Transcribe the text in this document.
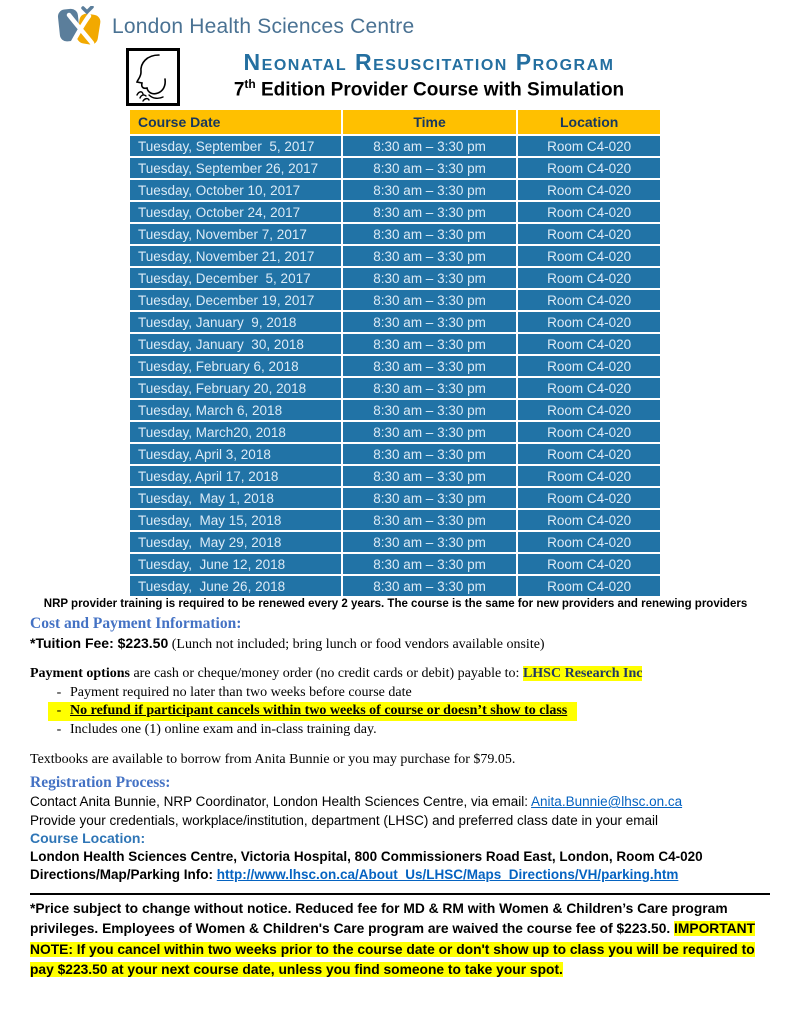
London Health Sciences Centre
Neonatal Resuscitation Program
7th Edition Provider Course with Simulation
Course Date	Time	Location
Tuesday, September  5, 2017	8:30 am – 3:30 pm	Room C4-020
Tuesday, September 26, 2017	8:30 am – 3:30 pm	Room C4-020
Tuesday, October 10, 2017	8:30 am – 3:30 pm	Room C4-020
Tuesday, October 24, 2017	8:30 am – 3:30 pm	Room C4-020
Tuesday, November 7, 2017	8:30 am – 3:30 pm	Room C4-020
Tuesday, November 21, 2017	8:30 am – 3:30 pm	Room C4-020
Tuesday, December  5, 2017	8:30 am – 3:30 pm	Room C4-020
Tuesday, December 19, 2017	8:30 am – 3:30 pm	Room C4-020
Tuesday, January  9, 2018	8:30 am – 3:30 pm	Room C4-020
Tuesday, January  30, 2018	8:30 am – 3:30 pm	Room C4-020
Tuesday, February 6, 2018	8:30 am – 3:30 pm	Room C4-020
Tuesday, February 20, 2018	8:30 am – 3:30 pm	Room C4-020
Tuesday, March 6, 2018	8:30 am – 3:30 pm	Room C4-020
Tuesday, March20, 2018	8:30 am – 3:30 pm	Room C4-020
Tuesday, April 3, 2018	8:30 am – 3:30 pm	Room C4-020
Tuesday, April 17, 2018	8:30 am – 3:30 pm	Room C4-020
Tuesday,  May 1, 2018	8:30 am – 3:30 pm	Room C4-020
Tuesday,  May 15, 2018	8:30 am – 3:30 pm	Room C4-020
Tuesday,  May 29, 2018	8:30 am – 3:30 pm	Room C4-020
Tuesday,  June 12, 2018	8:30 am – 3:30 pm	Room C4-020
Tuesday,  June 26, 2018	8:30 am – 3:30 pm	Room C4-020
NRP provider training is required to be renewed every 2 years. The course is the same for new providers and renewing providers
Cost and Payment Information:
*Tuition Fee: $223.50 (Lunch not included; bring lunch or food vendors available onsite)
Payment options are cash or cheque/money order (no credit cards or debit) payable to: LHSC Research Inc
- Payment required no later than two weeks before course date
- No refund if participant cancels within two weeks of course or doesn’t show to class
- Includes one (1) online exam and in-class training day.
Textbooks are available to borrow from Anita Bunnie or you may purchase for $79.05.
Registration Process:
Contact Anita Bunnie, NRP Coordinator, London Health Sciences Centre, via email: Anita.Bunnie@lhsc.on.ca
Provide your credentials, workplace/institution, department (LHSC) and preferred class date in your email
Course Location:
London Health Sciences Centre, Victoria Hospital, 800 Commissioners Road East, London, Room C4-020
Directions/Map/Parking Info: http://www.lhsc.on.ca/About_Us/LHSC/Maps_Directions/VH/parking.htm
*Price subject to change without notice. Reduced fee for MD & RM with Women & Children’s Care program privileges. Employees of Women & Children's Care program are waived the course fee of $223.50. IMPORTANT NOTE: If you cancel within two weeks prior to the course date or don't show up to class you will be required to pay $223.50 at your next course date, unless you find someone to take your spot.
